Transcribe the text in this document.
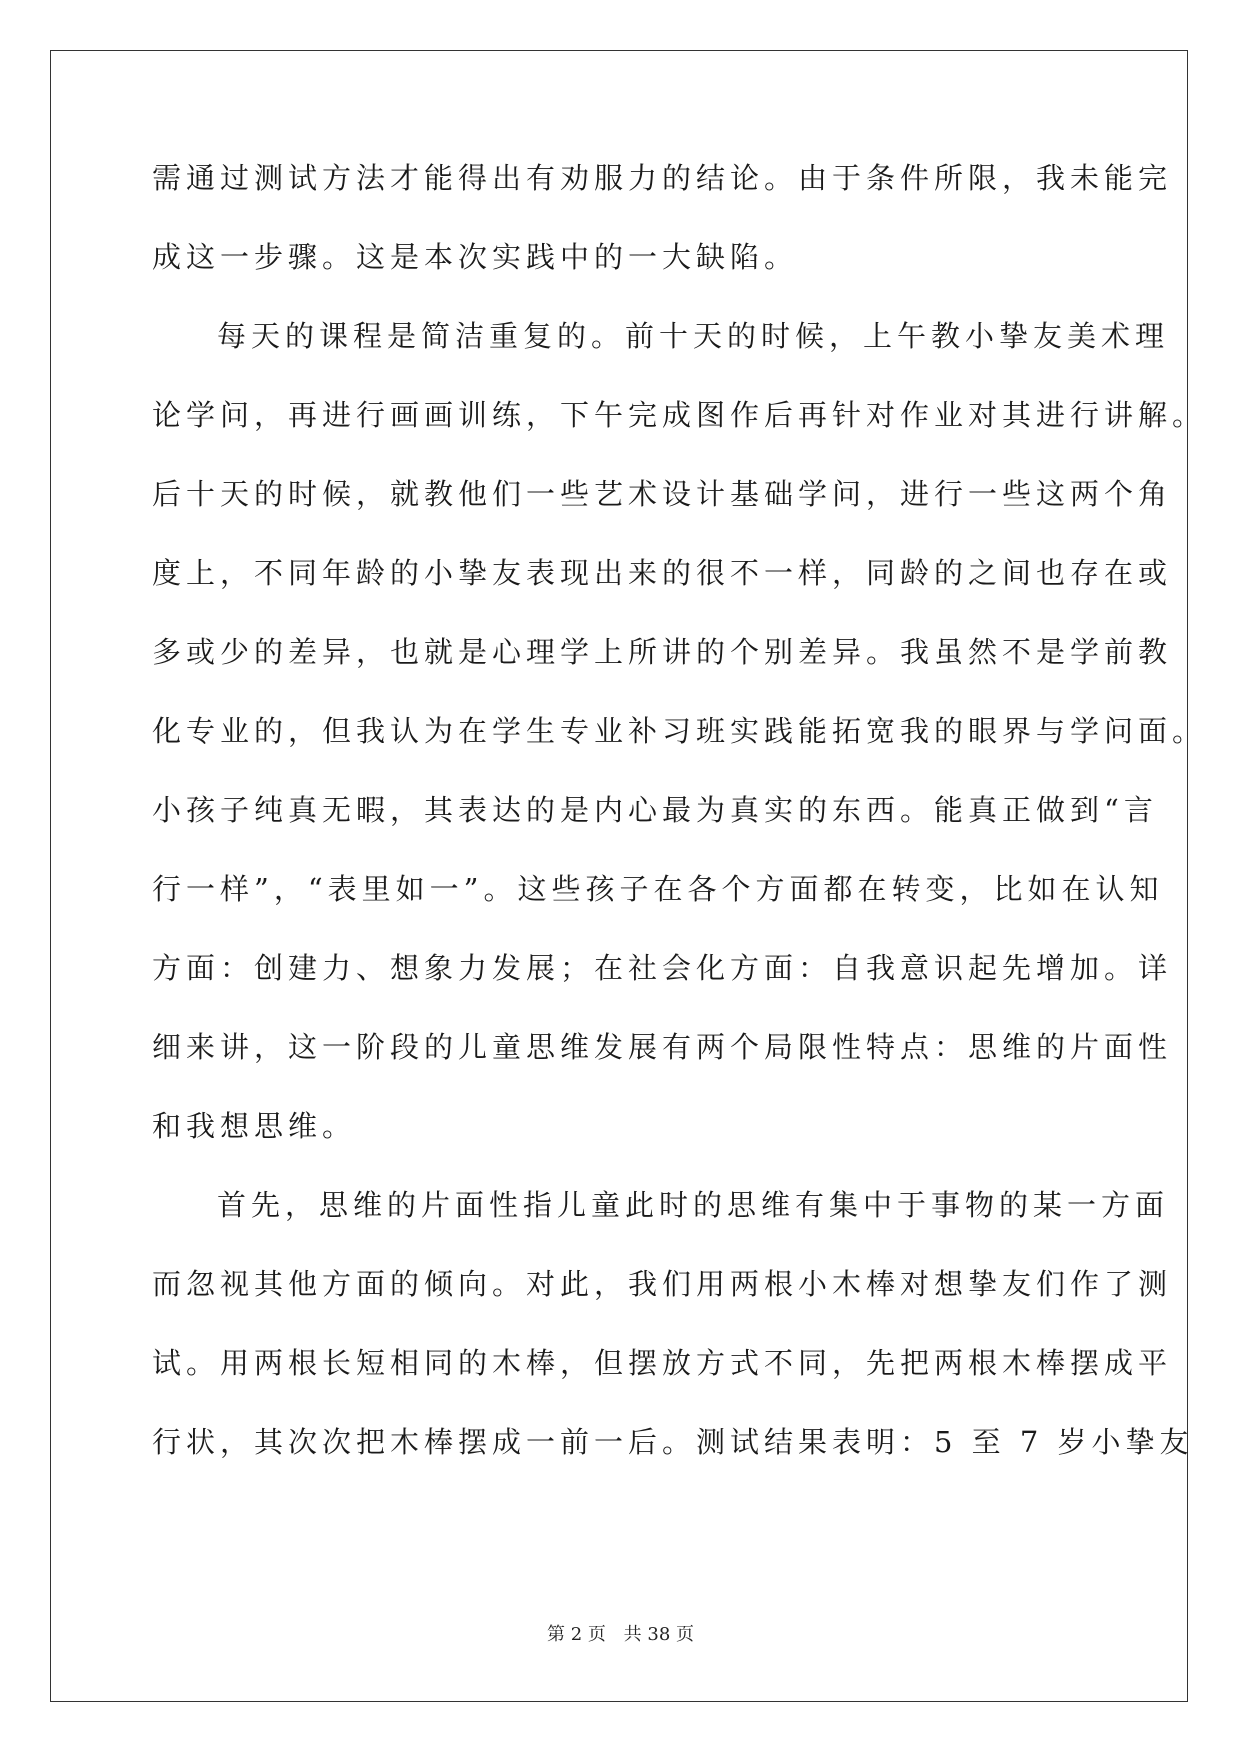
需通过测试方法才能得出有劝服力的结论。由于条件所限，我未能完
成这一步骤。这是本次实践中的一大缺陷。
每天的课程是简洁重复的。前十天的时候，上午教小挚友美术理
论学问，再进行画画训练，下午完成图作后再针对作业对其进行讲解。
后十天的时候，就教他们一些艺术设计基础学问，进行一些这两个角
度上，不同年龄的小挚友表现出来的很不一样，同龄的之间也存在或
多或少的差异，也就是心理学上所讲的个别差异。我虽然不是学前教
化专业的，但我认为在学生专业补习班实践能拓宽我的眼界与学问面。
小孩子纯真无暇，其表达的是内心最为真实的东西。能真正做到“言
行一样”，“表里如一”。这些孩子在各个方面都在转变，比如在认知
方面：创建力、想象力发展；在社会化方面：自我意识起先增加。详
细来讲，这一阶段的儿童思维发展有两个局限性特点：思维的片面性
和我想思维。
首先，思维的片面性指儿童此时的思维有集中于事物的某一方面
而忽视其他方面的倾向。对此，我们用两根小木棒对想挚友们作了测
试。用两根长短相同的木棒，但摆放方式不同，先把两根木棒摆成平
行状，其次次把木棒摆成一前一后。测试结果表明：5 至 7 岁小挚友
第 2 页 共 38 页
